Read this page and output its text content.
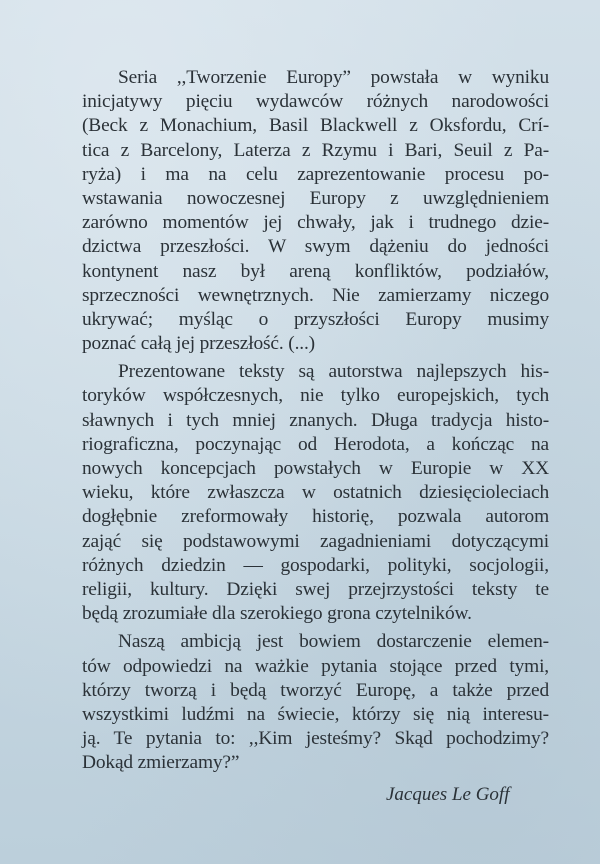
Seria ,,Tworzenie Europy” powstała w wyniku
inicjatywy pięciu wydawców różnych narodowości
(Beck z Monachium, Basil Blackwell z Oksfordu, Crí-
tica z Barcelony, Laterza z Rzymu i Bari, Seuil z Pa-
ryża) i ma na celu zaprezentowanie procesu po-
wstawania nowoczesnej Europy z uwzględnieniem
zarówno momentów jej chwały, jak i trudnego dzie-
dzictwa przeszłości. W swym dążeniu do jedności
kontynent nasz był areną konfliktów, podziałów,
sprzeczności wewnętrznych. Nie zamierzamy niczego
ukrywać; myśląc o przyszłości Europy musimy
poznać całą jej przeszłość. (...)
Prezentowane teksty są autorstwa najlepszych his-
toryków współczesnych, nie tylko europejskich, tych
sławnych i tych mniej znanych. Długa tradycja histo-
riograficzna, poczynając od Herodota, a kończąc na
nowych koncepcjach powstałych w Europie w XX
wieku, które zwłaszcza w ostatnich dziesięcioleciach
dogłębnie zreformowały historię, pozwala autorom
zająć się podstawowymi zagadnieniami dotyczącymi
różnych dziedzin — gospodarki, polityki, socjologii,
religii, kultury. Dzięki swej przejrzystości teksty te
będą zrozumiałe dla szerokiego grona czytelników.
Naszą ambicją jest bowiem dostarczenie elemen-
tów odpowiedzi na ważkie pytania stojące przed tymi,
którzy tworzą i będą tworzyć Europę, a także przed
wszystkimi ludźmi na świecie, którzy się nią interesu-
ją. Te pytania to: ,,Kim jesteśmy? Skąd pochodzimy?
Dokąd zmierzamy?”
Jacques Le Goff
